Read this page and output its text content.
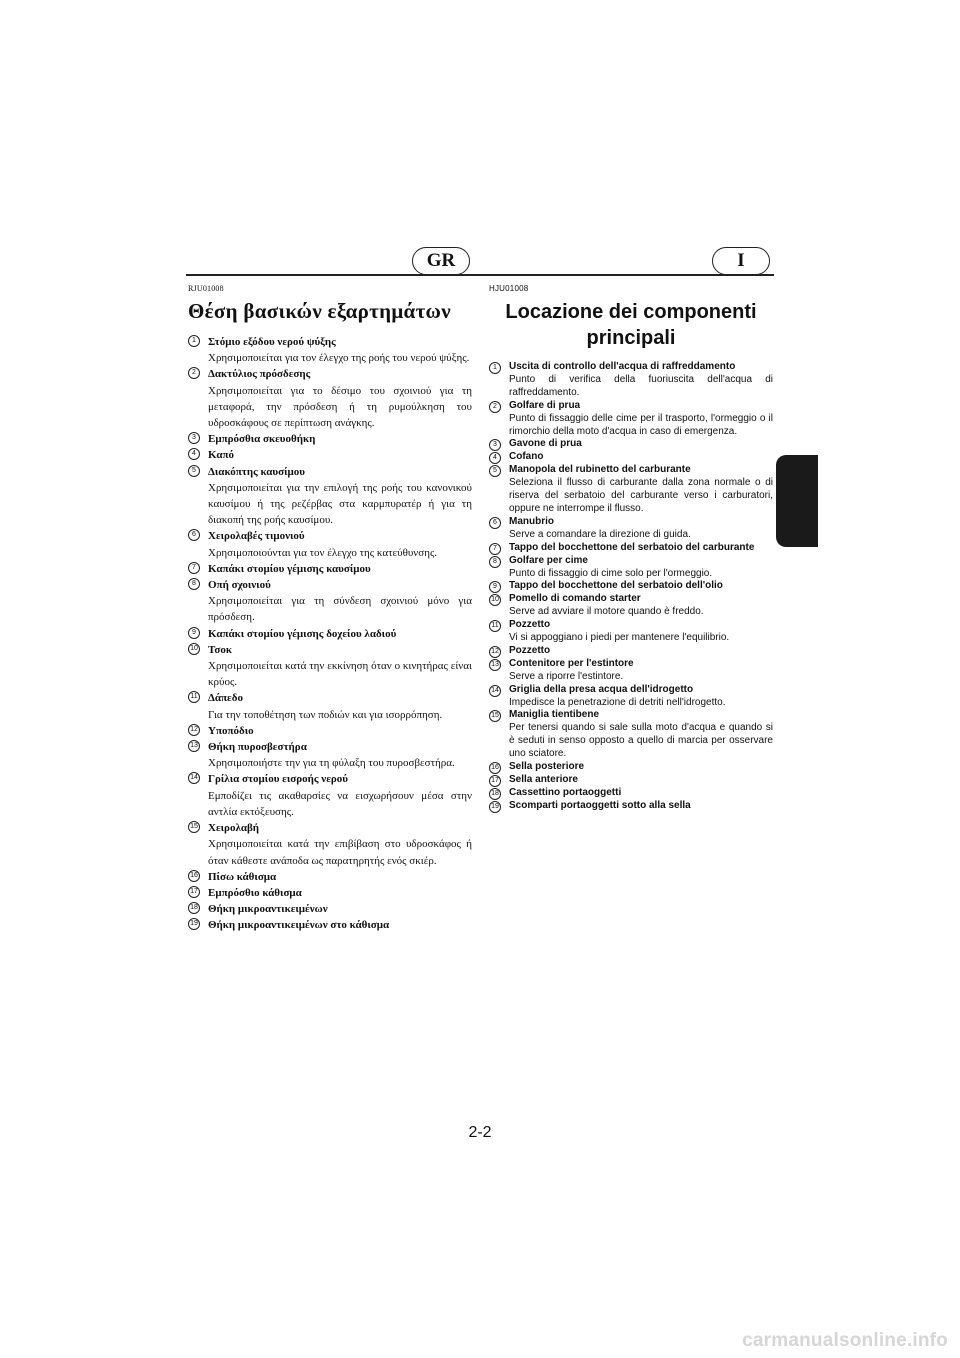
GR	I
RJU01008
Θέση βασικών εξαρτημάτων
1	Στόμιο εξόδου νερού ψύξης
Χρησιμοποιείται για τον έλεγχο της ροής του νερού ψύξης.
2	Δακτύλιος πρόσδεσης
Χρησιμοποιείται για το δέσιμο του σχοινιού για τη μεταφορά, την πρόσδεση ή τη ρυμούλκηση του υδροσκάφους σε περίπτωση ανάγκης.
3	Εμπρόσθια σκευοθήκη
4	Καπό
5	Διακόπτης καυσίμου
Χρησιμοποιείται για την επιλογή της ροής του κανονικού καυσίμου ή της ρεζέρβας στα καρμπυρατέρ ή για τη διακοπή της ροής καυσίμου.
6	Χειρολαβές τιμονιού
Χρησιμοποιούνται για τον έλεγχο της κατεύθυνσης.
7	Καπάκι στομίου γέμισης καυσίμου
8	Οπή σχοινιού
Χρησιμοποιείται για τη σύνδεση σχοινιού μόνο για πρόσδεση.
9	Καπάκι στομίου γέμισης δοχείου λαδιού
10 Τσοκ
Χρησιμοποιείται κατά την εκκίνηση όταν ο κινητήρας είναι κρύος.
11 Δάπεδο
Για την τοποθέτηση των ποδιών και για ισορρόπηση.
12 Υποπόδιο
13 Θήκη πυροσβεστήρα
Χρησιμοποιήστε την για τη φύλαξη του πυροσβεστήρα.
14 Γρίλια στομίου εισροής νερού
Εμποδίζει τις ακαθαρσίες να εισχωρήσουν μέσα στην αντλία εκτόξευσης.
15 Χειρολαβή
Χρησιμοποιείται κατά την επιβίβαση στο υδροσκάφος ή όταν κάθεστε ανάποδα ως παρατηρητής ενός σκιέρ.
16 Πίσω κάθισμα
17 Εμπρόσθιο κάθισμα
18 Θήκη μικροαντικειμένων
19 Θήκη μικροαντικειμένων στο κάθισμα
HJU01008
Locazione dei componenti principali
1	Uscita di controllo dell'acqua di raffreddamento
Punto di verifica della fuoriuscita dell'acqua di raffreddamento.
2	Golfare di prua
Punto di fissaggio delle cime per il trasporto, l'ormeggio o il rimorchio della moto d'acqua in caso di emergenza.
3	Gavone di prua
4	Cofano
5	Manopola del rubinetto del carburante
Seleziona il flusso di carburante dalla zona normale o di riserva del serbatoio del carburante verso i carburatori, oppure ne interrompe il flusso.
6	Manubrio
Serve a comandare la direzione di guida.
7	Tappo del bocchettone del serbatoio del carburante
8	Golfare per cime
Punto di fissaggio di cime solo per l'ormeggio.
9	Tappo del bocchettone del serbatoio dell'olio
10 Pomello di comando starter
Serve ad avviare il motore quando è freddo.
11 Pozzetto
Vi si appoggiano i piedi per mantenere l'equilibrio.
12 Pozzetto
13 Contenitore per l'estintore
Serve a riporre l'estintore.
14 Griglia della presa acqua dell'idrogetto
Impedisce la penetrazione di detriti nell'idrogetto.
15 Maniglia tientibene
Per tenersi quando si sale sulla moto d'acqua e quando si è seduti in senso opposto a quello di marcia per osservare uno sciatore.
16 Sella posteriore
17 Sella anteriore
18 Cassettino portaoggetti
19 Scomparti portaoggetti sotto alla sella
2-2
carmanualsonline.info
